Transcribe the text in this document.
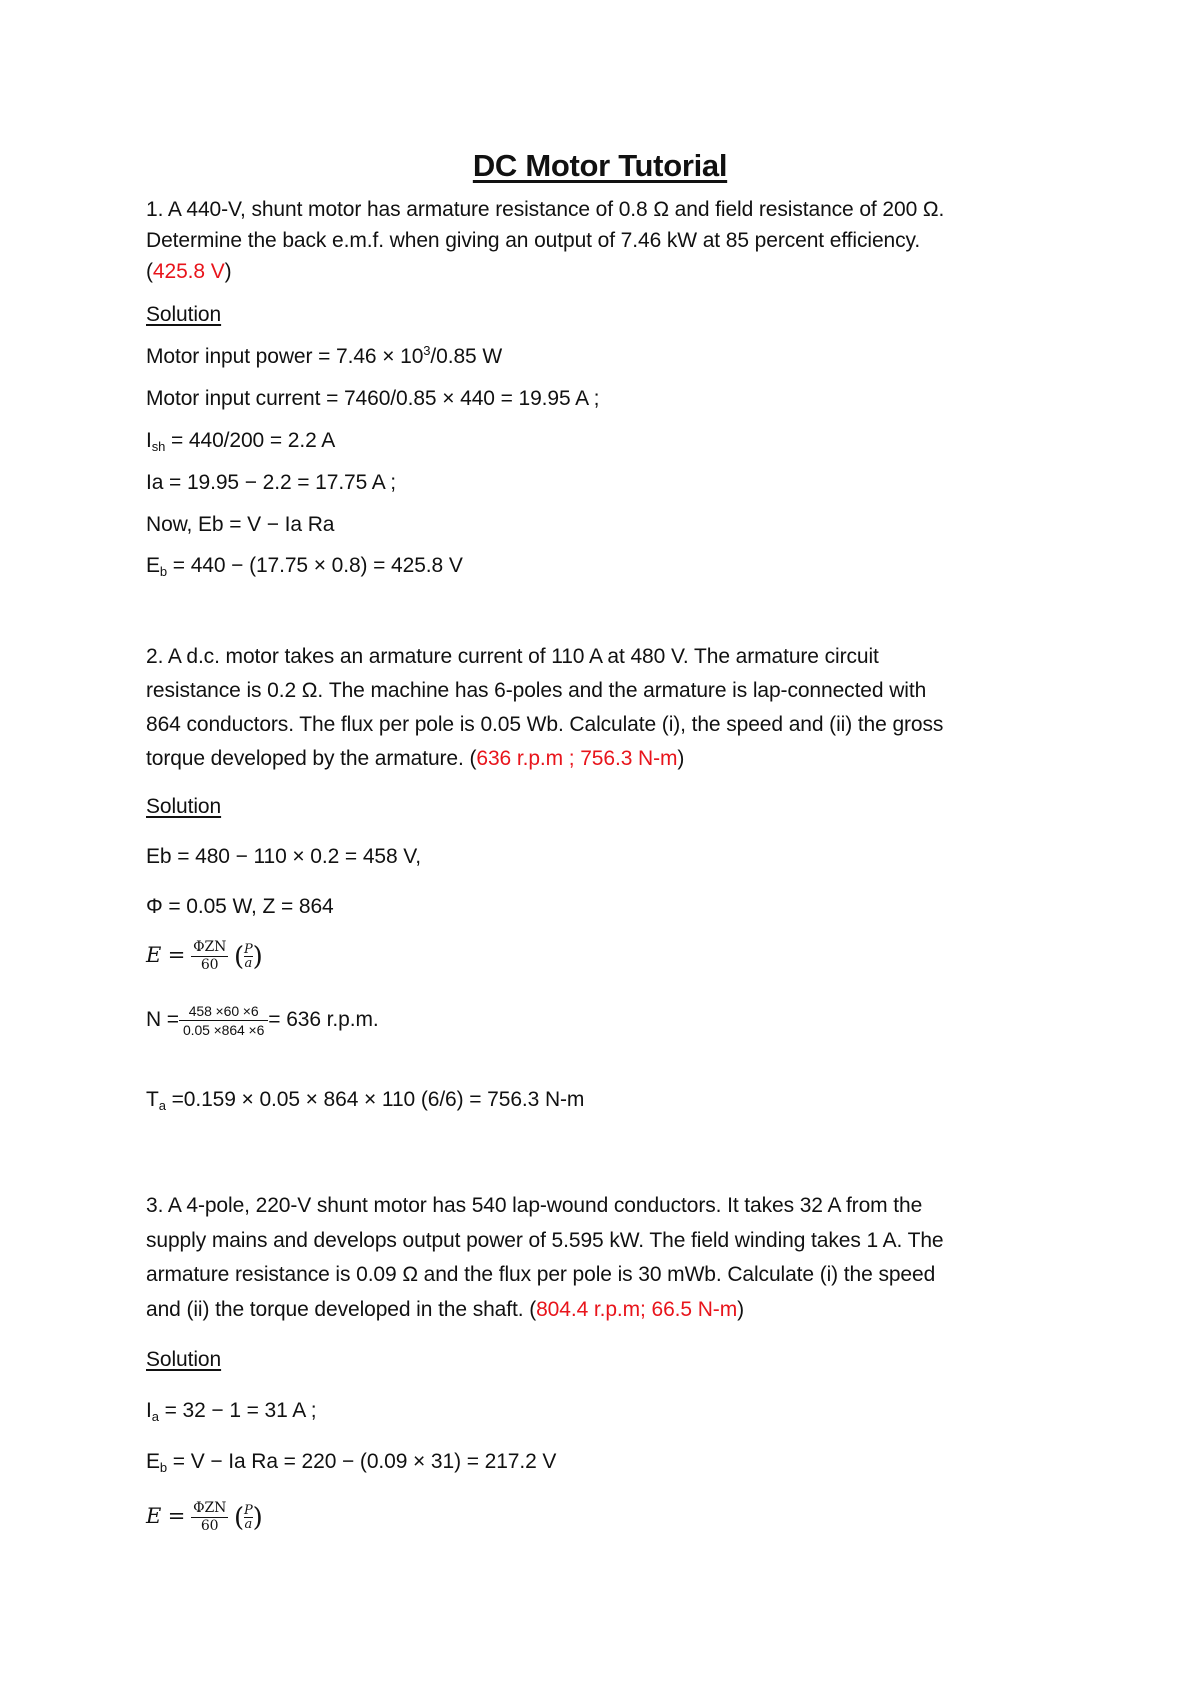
DC Motor Tutorial
1. A 440-V, shunt motor has armature resistance of 0.8 Ω and field resistance of 200 Ω.
Determine the back e.m.f. when giving an output of 7.46 kW at 85 percent efficiency.
(425.8 V)
Solution
Motor input power = $7.46 \times 10^3/0.85$ W
Motor input current = 7460/0.85 × 440 = 19.95 A ;
$I_{sh} = 440/200 = 2.2$ A
Ia = 19.95 − 2.2 = 17.75 A ;
Now, Eb = V − Ia Ra
$E_b = 440 - (17.75 \times 0.8) = 425.8$ V
2. A d.c. motor takes an armature current of 110 A at 480 V. The armature circuit
resistance is 0.2 Ω. The machine has 6-poles and the armature is lap-connected with
864 conductors. The flux per pole is 0.05 Wb. Calculate (i), the speed and (ii) the gross
torque developed by the armature. (636 r.p.m ; 756.3 N-m)
Solution
Eb = 480 − 110 × 0.2 = 458 V,
Φ = 0.05 W, Z = 864
$E = \frac{\text{ΦZN}}{60}$ ( $\frac{P}{a}$ )
$N = \frac{458 \times 60 \times 6}{0.05 \times 864 \times 6} = 636$ r.p.m.
$T_a =0.159 \times 0.05 \times 864 \times 110$ (6/6) = 756.3 N-m
3. A 4-pole, 220-V shunt motor has 540 lap-wound conductors. It takes 32 A from the
supply mains and develops output power of 5.595 kW. The field winding takes 1 A. The
armature resistance is 0.09 Ω and the flux per pole is 30 mWb. Calculate (i) the speed
and (ii) the torque developed in the shaft. (804.4 r.p.m; 66.5 N-m)
Solution
$I_a = 32 - 1 = 31$ A ;
$E_b = V - Ia$ Ra = 220 − (0.09 × 31) = 217.2 V
$E = \frac{\text{ΦZN}}{60}$ ( $\frac{P}{a}$ )
